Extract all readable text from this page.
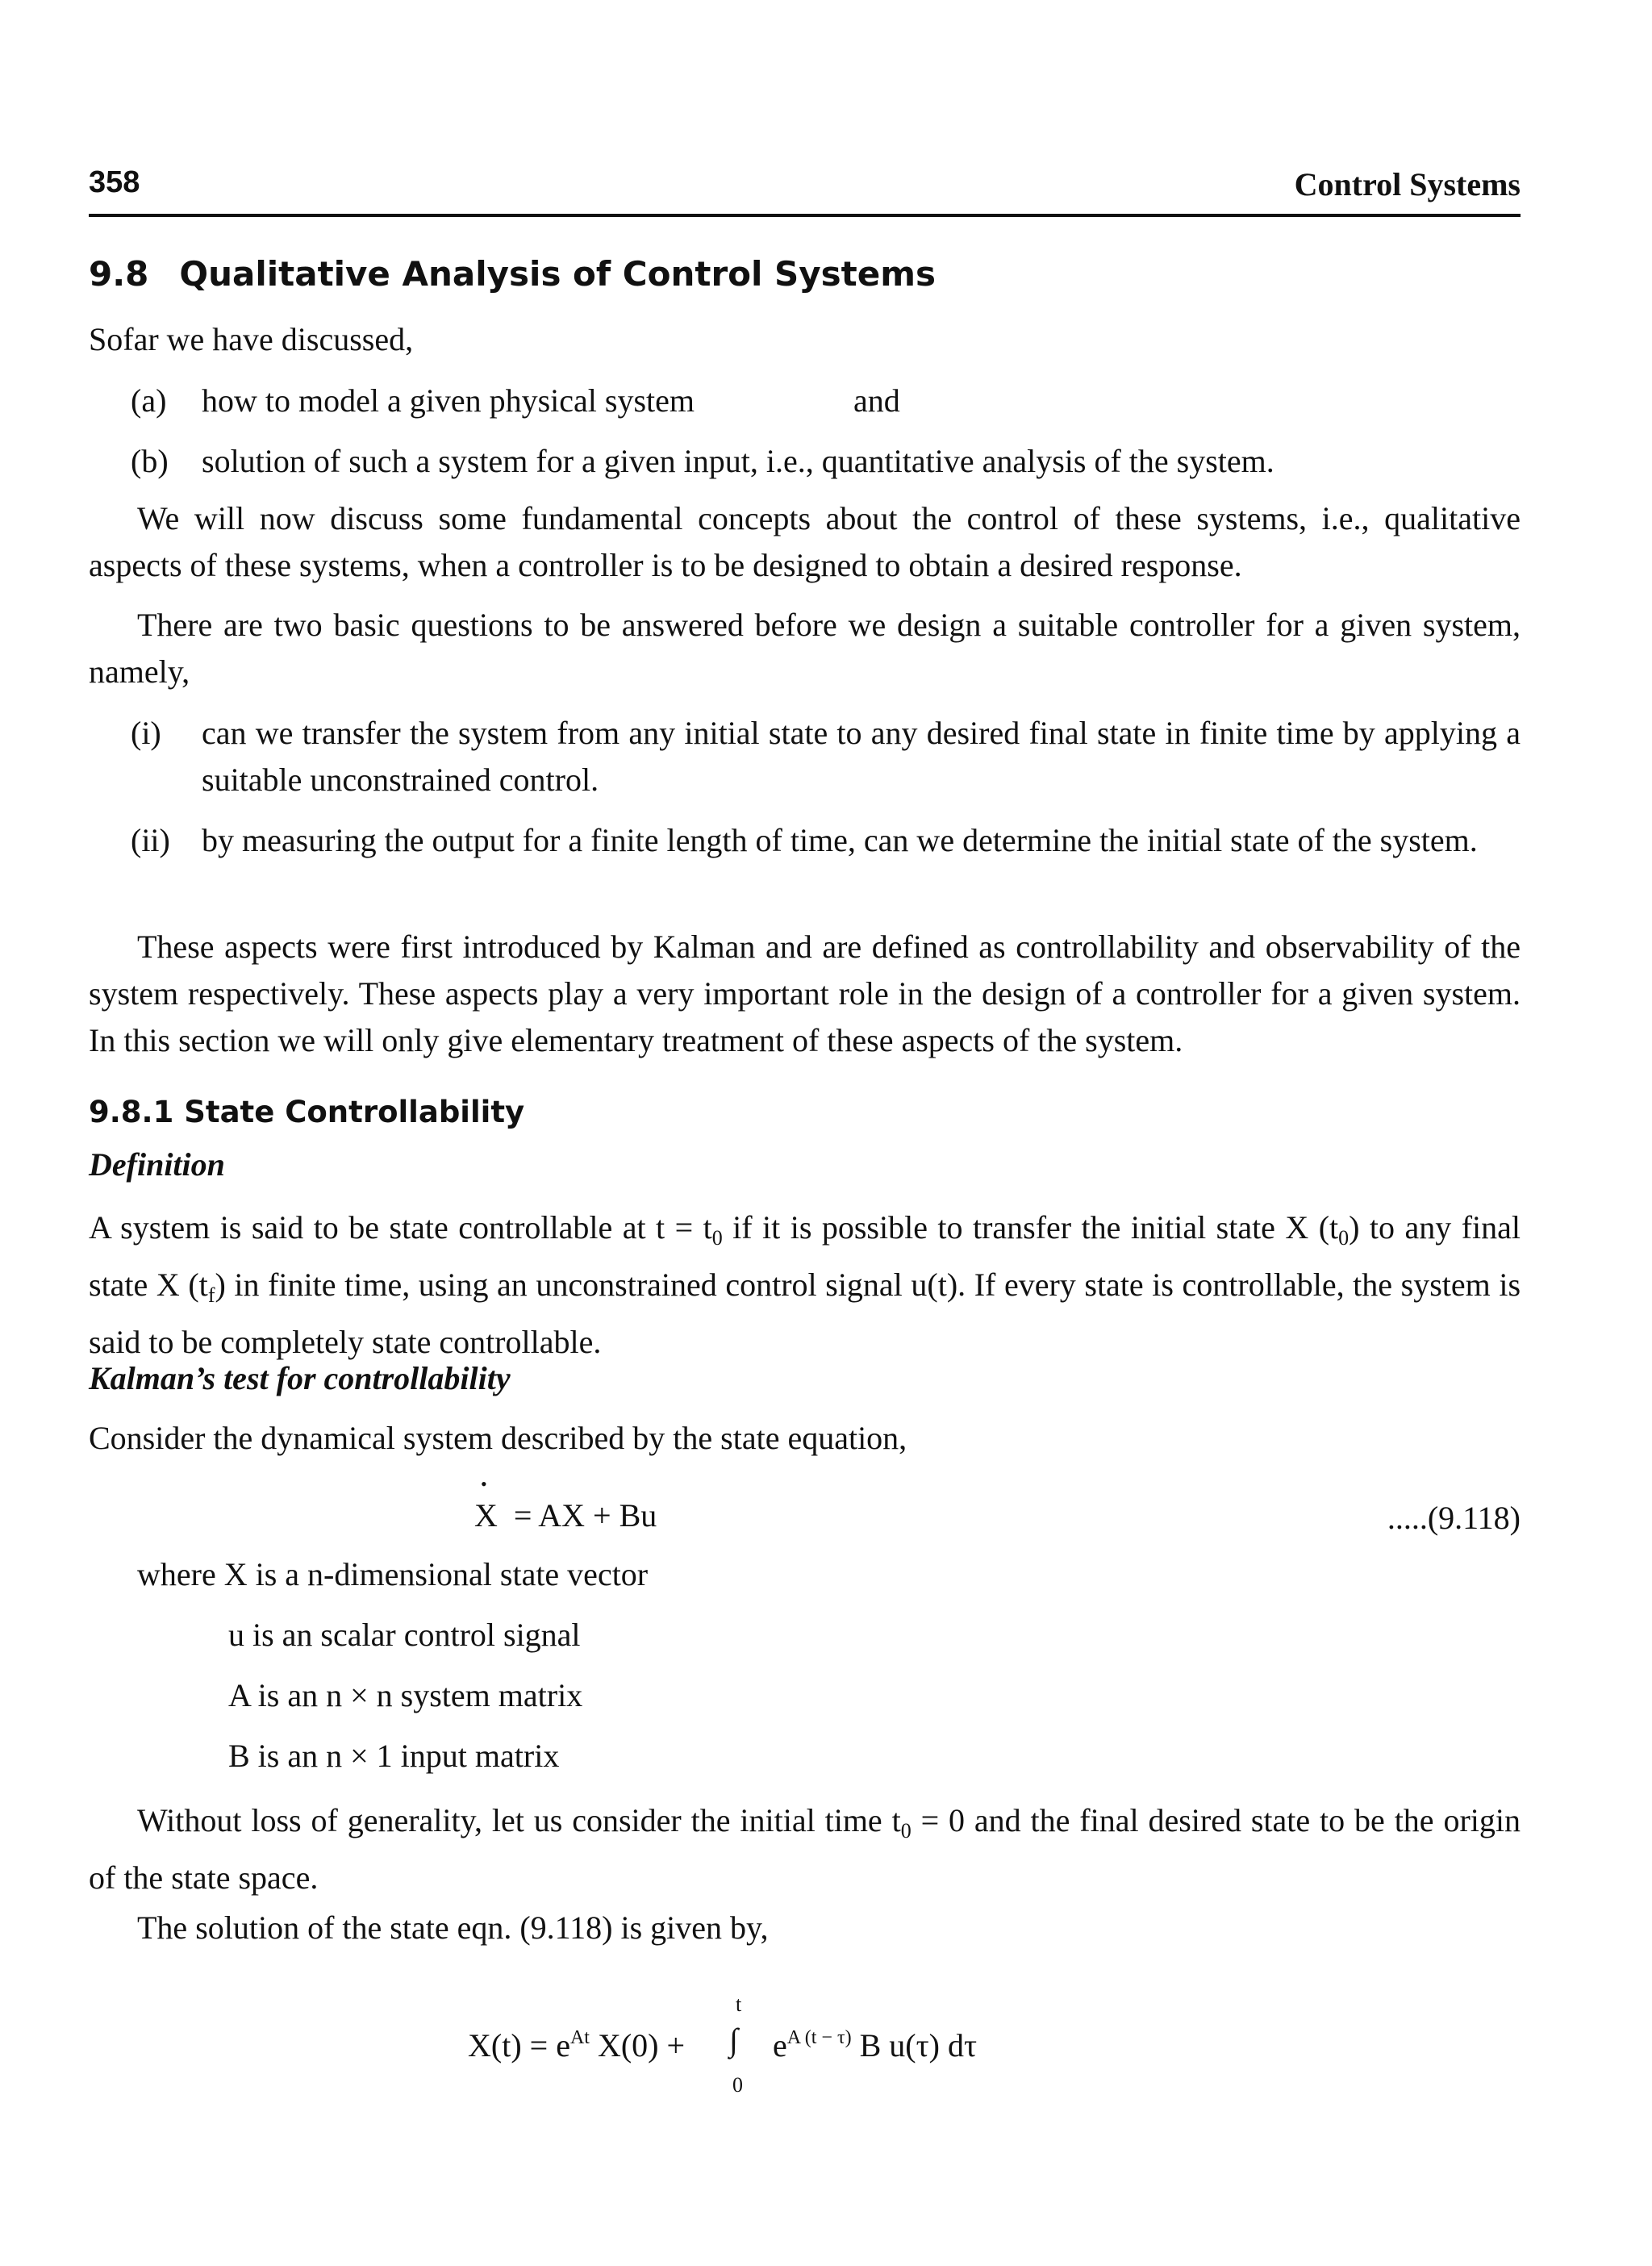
358	Control Systems
9.8 Qualitative Analysis of Control Systems
Sofar we have discussed,
(a) how to model a given physical system	and
(b) solution of such a system for a given input, i.e., quantitative analysis of the system.
We will now discuss some fundamental concepts about the control of these systems, i.e., qualitative aspects of these systems, when a controller is to be designed to obtain a desired response.
There are two basic questions to be answered before we design a suitable controller for a given system, namely,
(i) can we transfer the system from any initial state to any desired final state in finite time by applying a suitable unconstrained control.
(ii) by measuring the output for a finite length of time, can we determine the initial state of the system.
These aspects were first introduced by Kalman and are defined as controllability and observability of the system respectively. These aspects play a very important role in the design of a controller for a given system. In this section we will only give elementary treatment of these aspects of the system.
9.8.1 State Controllability
Definition
A system is said to be state controllable at $t = t_0$ if it is possible to transfer the initial state X $(t_0)$ to any final state X $(t_f)$ in finite time, using an unconstrained control signal u(t). If every state is controllable, the system is said to be completely state controllable.
Kalman’s test for controllability
Consider the dynamical system described by the state equation,
• X = AX + Bu	.....(9.118)
where X is a n-dimensional state vector
u is an scalar control signal
A is an n × n system matrix
B is an n × 1 input matrix
Without loss of generality, let us consider the initial time $t_0 = 0$ and the final desired state to be the origin of the state space.
The solution of the state eqn. (9.118) is given by,
$X(t) = e^{At}$ X(0) +
t
∫
0
$e^{A (t - \tau)}$ B u(τ) dτ
